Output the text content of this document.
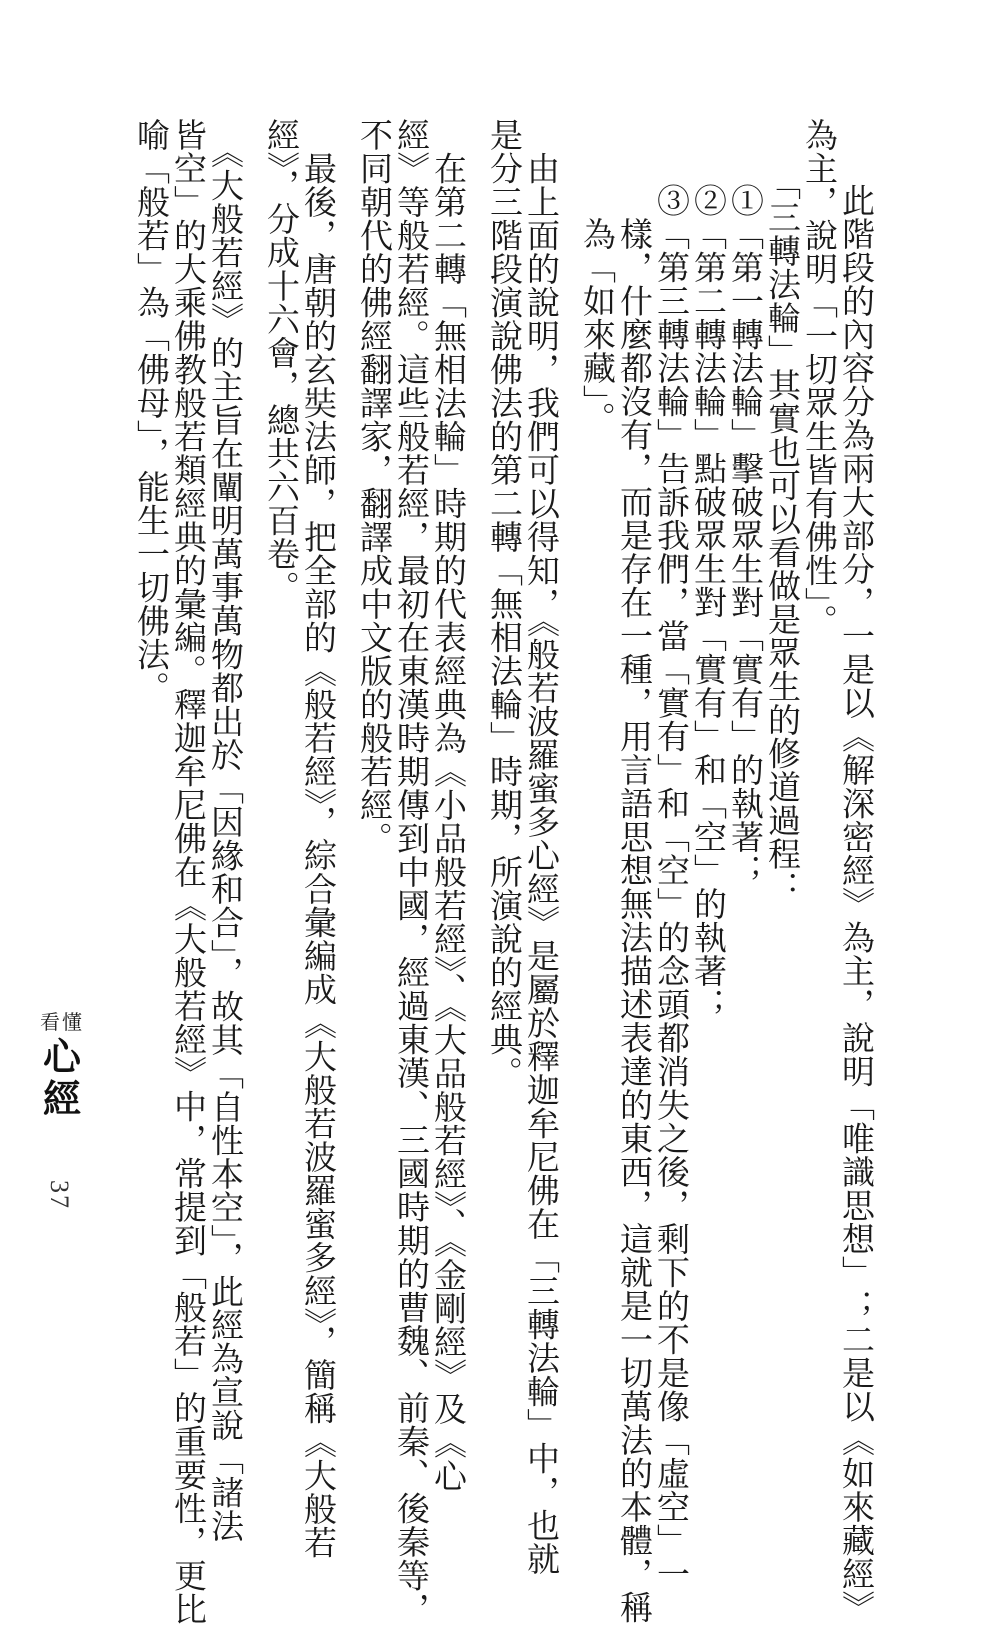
　此階段的內容分為兩大部分，一是以《解深密經》為主，說明「唯識思想」；二是以《如來藏經》
為主，說明「一切眾生皆有佛性」。
　「三轉法輪」其實也可以看做是眾生的修道過程：
　①「第一轉法輪」擊破眾生對「實有」的執著；
　②「第二轉法輪」點破眾生對「實有」和「空」的執著；
　③「第三轉法輪」告訴我們，當「實有」和「空」的念頭都消失之後，剩下的不是像「虛空」一
　　樣，什麼都沒有，而是存在一種，用言語思想無法描述表達的東西，這就是一切萬法的本體，稱
　　為「如來藏」。
　由上面的說明，我們可以得知，《般若波羅蜜多心經》是屬於釋迦牟尼佛在「三轉法輪」中，也就
是分三階段演說佛法的第二轉「無相法輪」時期，所演說的經典。
　在第二轉「無相法輪」時期的代表經典為《小品般若經》、《大品般若經》、《金剛經》及《心
經》等般若經。這些般若經，最初在東漢時期傳到中國，經過東漢、三國時期的曹魏、前秦、後秦等，
不同朝代的佛經翻譯家，翻譯成中文版的般若經。
　最後，唐朝的玄奘法師，把全部的《般若經》，綜合彙編成《大般若波羅蜜多經》，簡稱《大般若
經》，分成十六會，總共六百卷。
　《大般若經》的主旨在闡明萬事萬物都出於「因緣和合」，故其「自性本空」，此經為宣說「諸法
皆空」的大乘佛教般若類經典的彙編。釋迦牟尼佛在《大般若經》中，常提到「般若」的重要性，更比
喻「般若」為「佛母」，能生一切佛法。
看懂
心經
37
